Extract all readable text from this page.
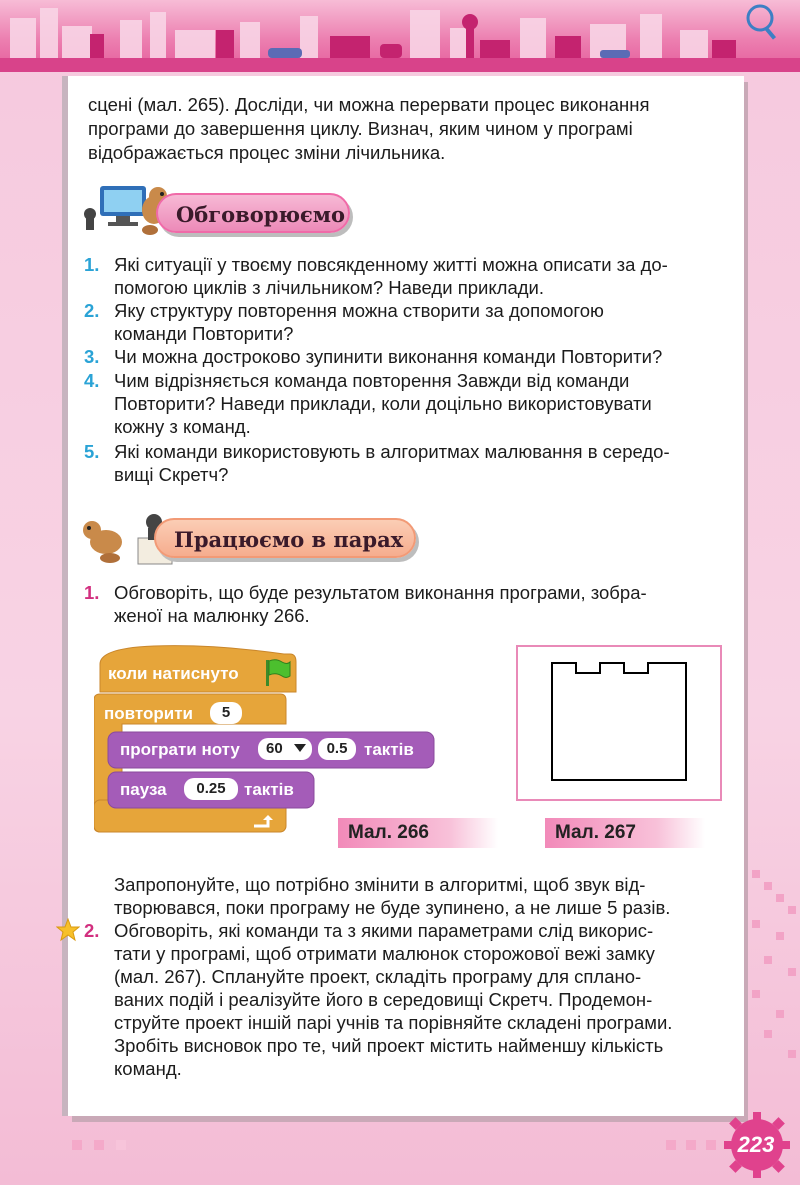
сцені (мал. 265). Досліди, чи можна перервати процес виконання
програми до завершення циклу. Визнач, яким чином у програмі
відображається процес зміни лічильника.
Обговорюємо
1. Які ситуації у твоєму повсякденному житті можна описати за до-
помогою циклів з лічильником? Наведи приклади.
2. Яку структуру повторення можна створити за допомогою
команди Повторити?
3. Чи можна достроково зупинити виконання команди Повторити?
4. Чим відрізняється команда повторення Завжди від команди
Повторити? Наведи приклади, коли доцільно використовувати
кожну з команд.
5. Які команди використовують в алгоритмах малювання в середо-
вищі Скретч?
Працюємо в парах
1. Обговоріть, що буде результатом виконання програми, зобра-
женої на малюнку 266.
коли натиснуто
повторити	5
програти ноту	60	0.5 тактів
пауза	0.25	тактів
Мал. 266	Мал. 267
Запропонуйте, що потрібно змінити в алгоритмі, щоб звук від-
творювався, поки програму не буде зупинено, а не лише 5 разів.
2. Обговоріть, які команди та з якими параметрами слід викорис-
тати у програмі, щоб отримати малюнок сторожової вежі замку
(мал. 267). Сплануйте проект, складіть програму для сплано-
ваних подій і реалізуйте його в середовищі Скретч. Продемон-
струйте проект іншій парі учнів та порівняйте складені програми.
Зробіть висновок про те, чий проект містить найменшу кількість
команд.
223
